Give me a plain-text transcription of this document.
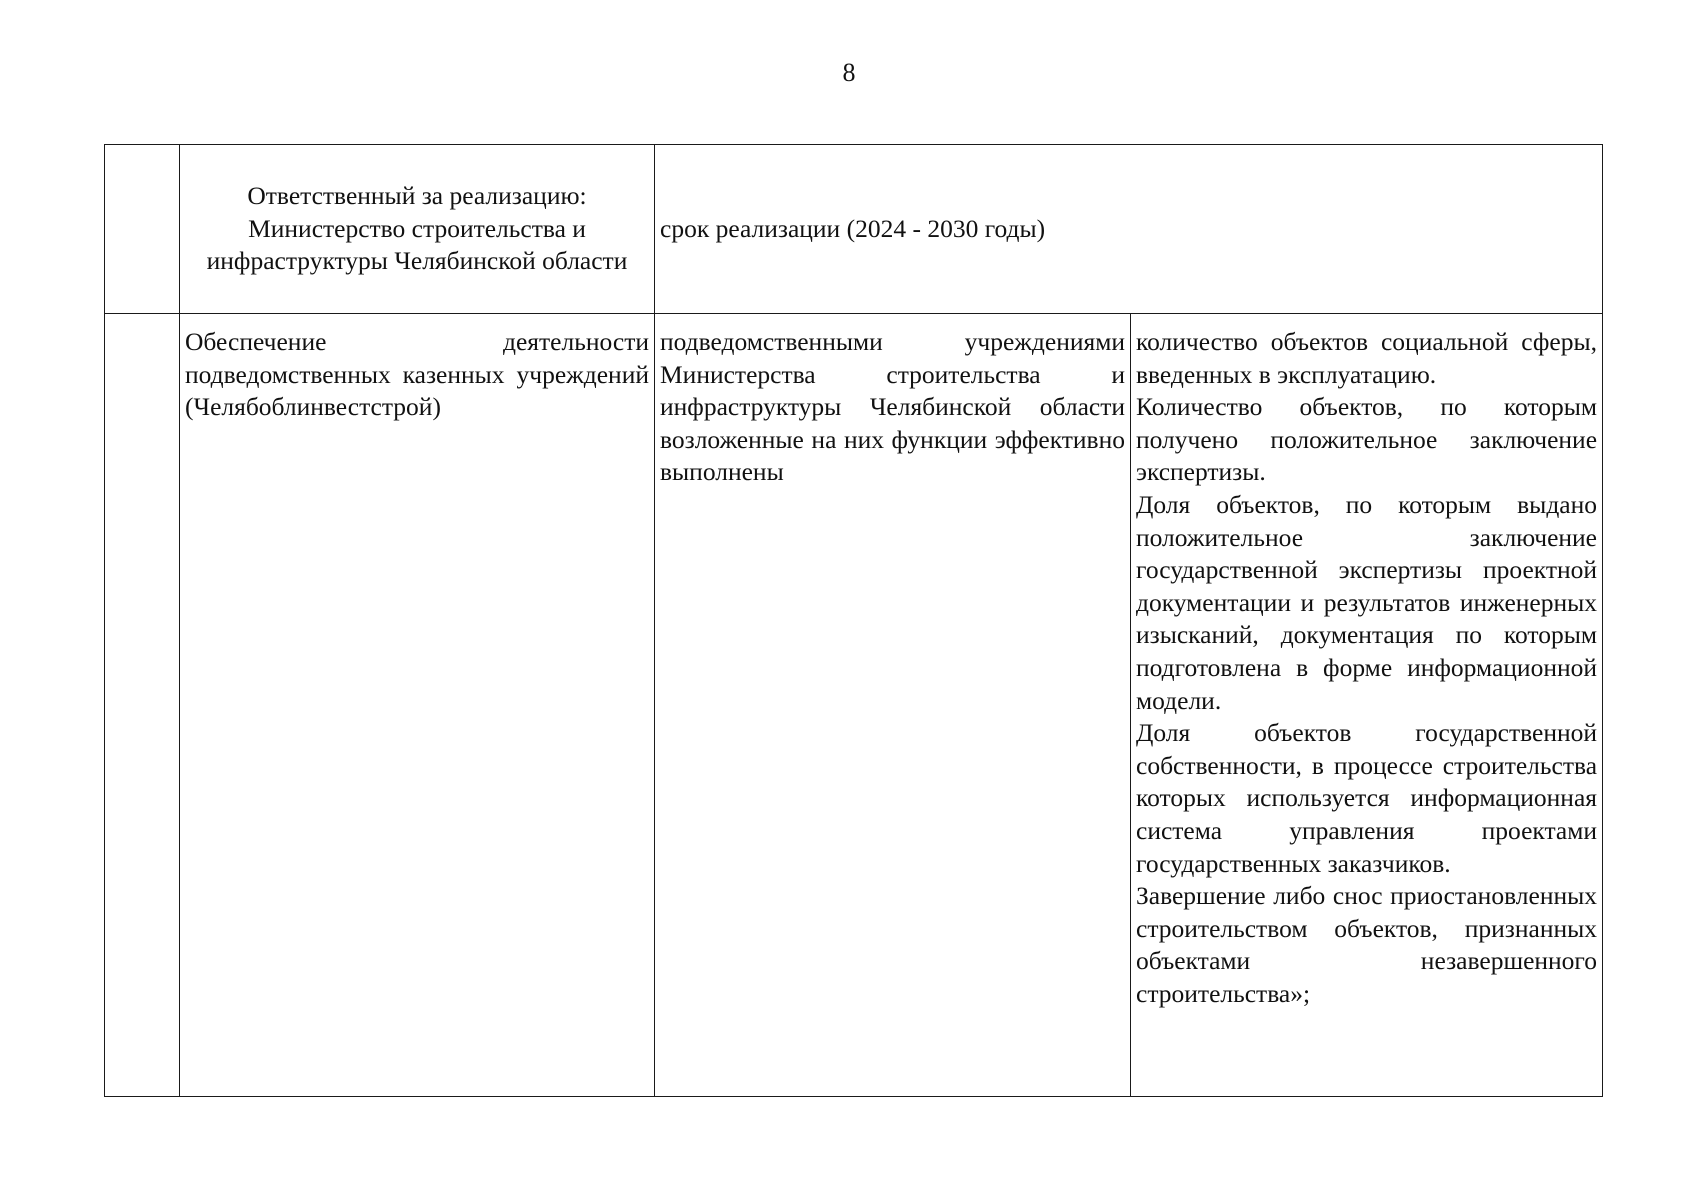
8
	Ответственный за реализацию: Министерство строительства и инфраструктуры Челябинской области	срок реализации (2024 - 2030 годы)	
	Обеспечение деятельности подведомственных казенных учреждений (Челябоблинвестстрой)	подведомственными учреждениями Министерства строительства и инфраструктуры Челябинской области возложенные на них функции эффективно выполнены	количество объектов социальной сферы, введенных в эксплуатацию.
Количество объектов, по которым получено положительное заключение экспертизы.
Доля объектов, по которым выдано положительное заключение государственной экспертизы проектной документации и результатов инженерных изысканий, документация по которым подготовлена в форме информационной модели.
Доля объектов государственной собственности, в процессе строительства которых используется информационная система управления проектами государственных заказчиков.
Завершение либо снос приостановленных строительством объектов, признанных объектами незавершенного строительства»;
